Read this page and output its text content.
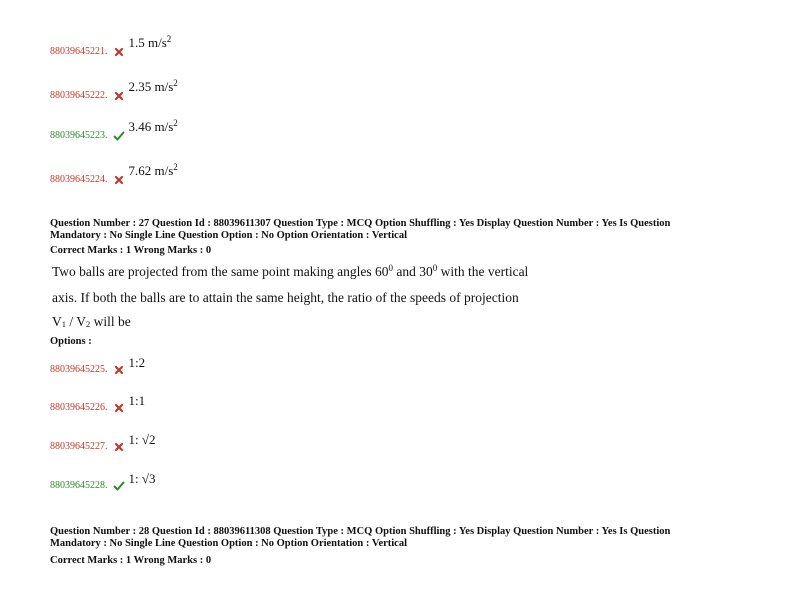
88039645221.
1.5 $m/s^2$
88039645222.
2.35 $m/s^2$
88039645223.
3.46 $m/s^2$
88039645224.
7.62 $m/s^2$
Question Number : 27 Question Id : 88039611307 Question Type : MCQ Option Shuffling : Yes Display Question Number : Yes Is Question
Mandatory : No Single Line Question Option : No Option Orientation : Vertical
Correct Marks : 1 Wrong Marks : 0
Two balls are projected from the same point making angles $60^0$ and $30^0$ with the vertical
axis. If both the balls are to attain the same height, the ratio of the speeds of projection
$V_1 / V_2$ will be
Options :
88039645225. 1:2
88039645226. 1:1
88039645227. 1: √2
88039645228. 1: √3
Question Number : 28 Question Id : 88039611308 Question Type : MCQ Option Shuffling : Yes Display Question Number : Yes Is Question
Mandatory : No Single Line Question Option : No Option Orientation : Vertical
Correct Marks : 1 Wrong Marks : 0
